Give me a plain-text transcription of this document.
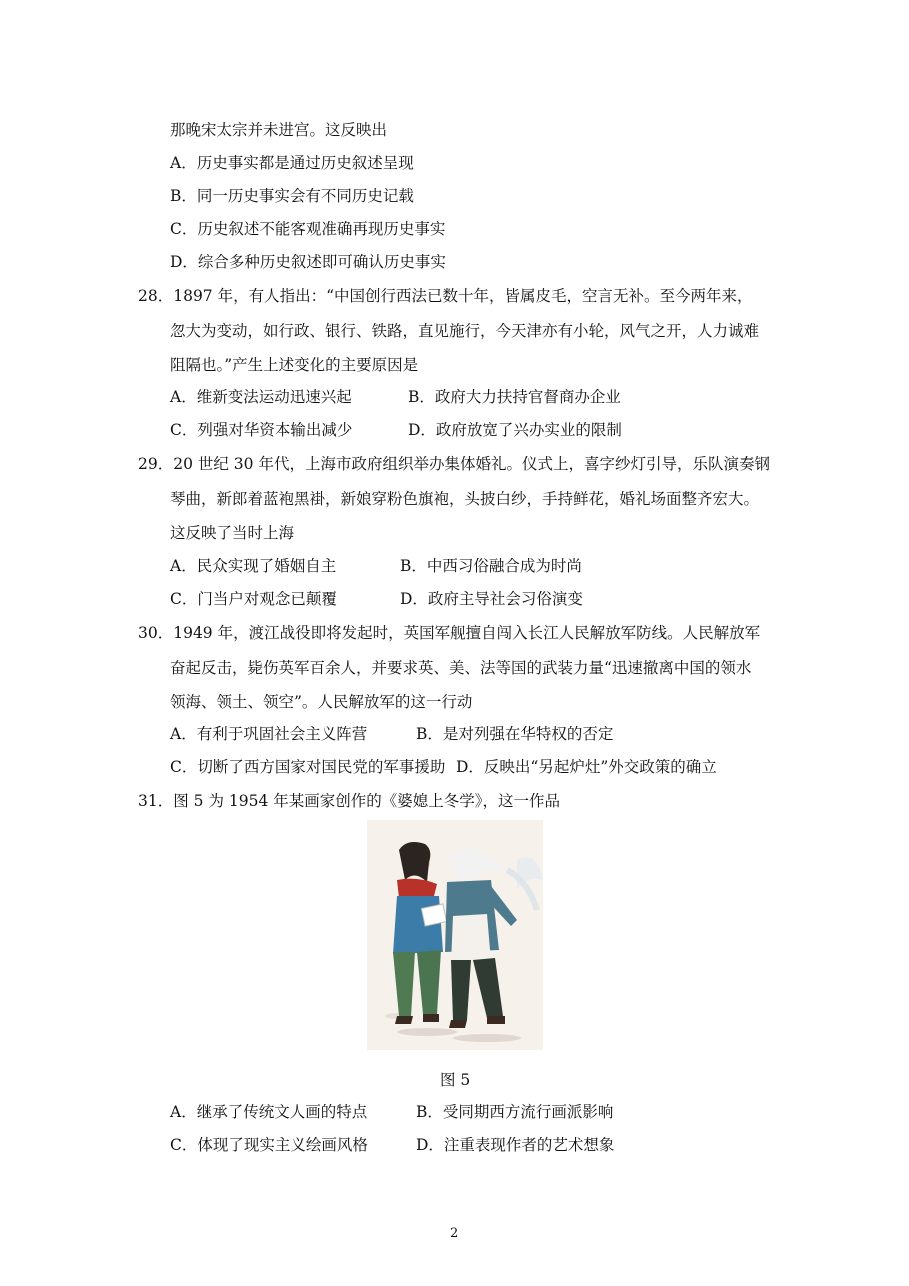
那晚宋太宗并未进宫。这反映出
A．历史事实都是通过历史叙述呈现
B．同一历史事实会有不同历史记载
C．历史叙述不能客观准确再现历史事实
D．综合多种历史叙述即可确认历史事实
28．1897 年，有人指出：“中国创行西法已数十年，皆属皮毛，空言无补。至今两年来，
忽大为变动，如行政、银行、铁路，直见施行，今天津亦有小轮，风气之开，人力诚难
阻隔也。”产生上述变化的主要原因是
A．维新变法运动迅速兴起	B．政府大力扶持官督商办企业
C．列强对华资本输出减少	D．政府放宽了兴办实业的限制
29．20 世纪 30 年代，上海市政府组织举办集体婚礼。仪式上，喜字纱灯引导，乐队演奏钢
琴曲，新郎着蓝袍黑褂，新娘穿粉色旗袍，头披白纱，手持鲜花，婚礼场面整齐宏大。
这反映了当时上海
A．民众实现了婚姻自主	B．中西习俗融合成为时尚
C．门当户对观念已颠覆	D．政府主导社会习俗演变
30．1949 年，渡江战役即将发起时，英国军舰擅自闯入长江人民解放军防线。人民解放军
奋起反击，毙伤英军百余人，并要求英、美、法等国的武装力量“迅速撤离中国的领水
领海、领土、领空”。人民解放军的这一行动
A．有利于巩固社会主义阵营	B．是对列强在华特权的否定
C．切断了西方国家对国民党的军事援助 D．反映出“另起炉灶”外交政策的确立
31．图 5 为 1954 年某画家创作的《婆媳上冬学》，这一作品
图 5
A．继承了传统文人画的特点	B．受同期西方流行画派影响
C．体现了现实主义绘画风格	D．注重表现作者的艺术想象
2
